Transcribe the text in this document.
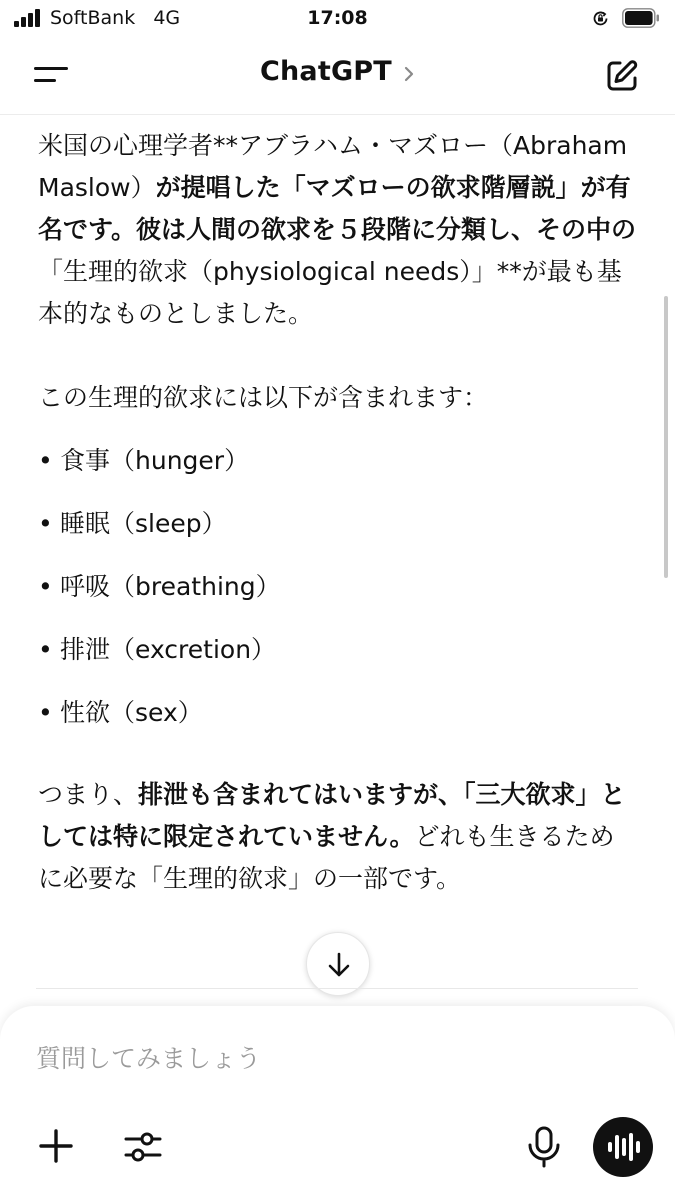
SoftBank 4G	17:08
ChatGPT

米国の心理学者**アブラハム・マズロー（Abraham Maslow）が提唱した「マズローの欲求階層説」が有名です。彼は人間の欲求を５段階に分類し、その中の「生理的欲求（physiological needs）」**が最も基本的なものとしました。

この生理的欲求には以下が含まれます：

• 食事（hunger）
• 睡眠（sleep）
• 呼吸（breathing）
• 排泄（excretion）
• 性欲（sex）

つまり、排泄も含まれてはいますが、「三大欲求」としては特に限定されていません。どれも生きるために必要な「生理的欲求」の一部です。

質問してみましょう
